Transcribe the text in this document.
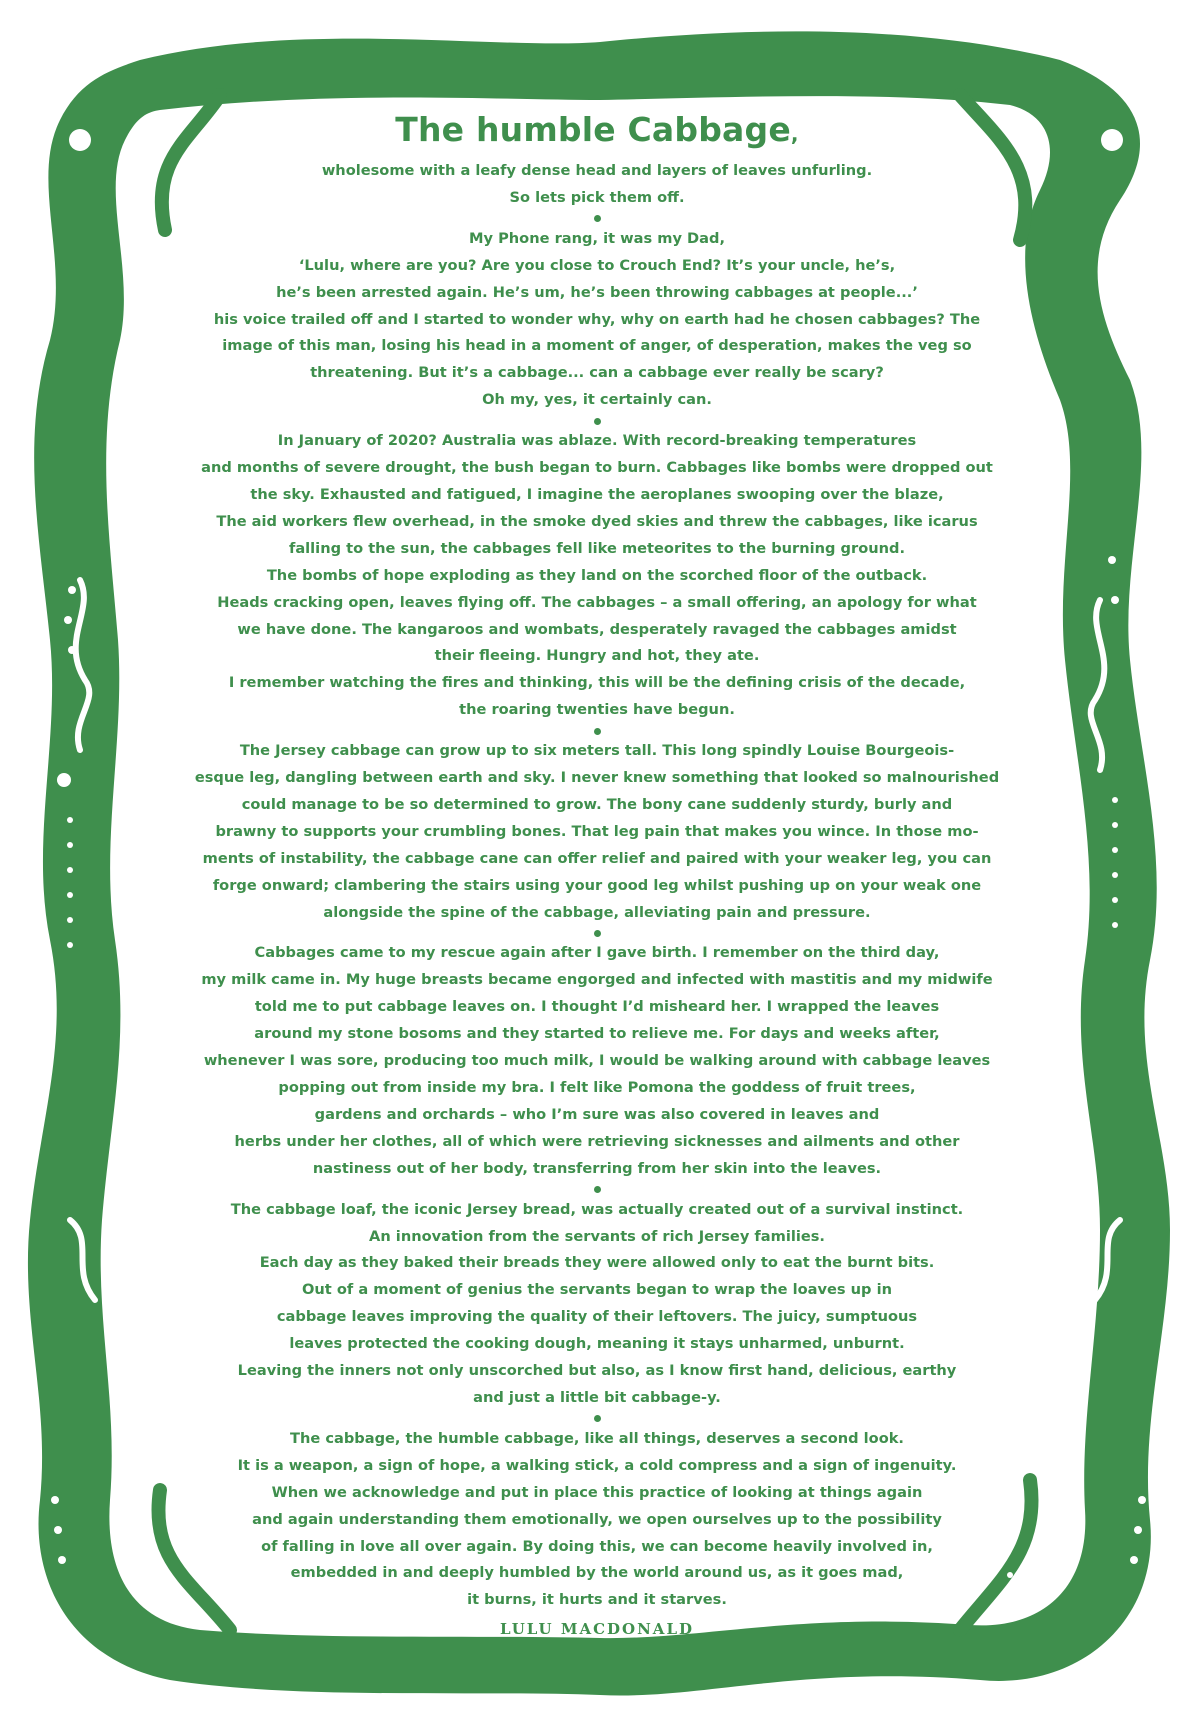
The humble Cabbage,
wholesome with a leafy dense head and layers of leaves unfurling.
So lets pick them off.
My Phone rang, it was my Dad,
‘Lulu, where are you? Are you close to Crouch End? It’s your uncle, he’s,
he’s been arrested again. He’s um, he’s been throwing cabbages at people...’
his voice trailed off and I started to wonder why, why on earth had he chosen cabbages? The
image of this man, losing his head in a moment of anger, of desperation, makes the veg so
threatening. But it’s a cabbage... can a cabbage ever really be scary?
Oh my, yes, it certainly can.
In January of 2020? Australia was ablaze. With record-breaking temperatures
and months of severe drought, the bush began to burn. Cabbages like bombs were dropped out
the sky. Exhausted and fatigued, I imagine the aeroplanes swooping over the blaze,
The aid workers flew overhead, in the smoke dyed skies and threw the cabbages, like icarus
falling to the sun, the cabbages fell like meteorites to the burning ground.
The bombs of hope exploding as they land on the scorched floor of the outback.
Heads cracking open, leaves flying off. The cabbages – a small offering, an apology for what
we have done. The kangaroos and wombats, desperately ravaged the cabbages amidst
their fleeing. Hungry and hot, they ate.
I remember watching the fires and thinking, this will be the defining crisis of the decade,
the roaring twenties have begun.
The Jersey cabbage can grow up to six meters tall. This long spindly Louise Bourgeois-
esque leg, dangling between earth and sky. I never knew something that looked so malnourished
could manage to be so determined to grow. The bony cane suddenly sturdy, burly and
brawny to supports your crumbling bones. That leg pain that makes you wince. In those mo-
ments of instability, the cabbage cane can offer relief and paired with your weaker leg, you can
forge onward; clambering the stairs using your good leg whilst pushing up on your weak one
alongside the spine of the cabbage, alleviating pain and pressure.
Cabbages came to my rescue again after I gave birth. I remember on the third day,
my milk came in. My huge breasts became engorged and infected with mastitis and my midwife
told me to put cabbage leaves on. I thought I’d misheard her. I wrapped the leaves
around my stone bosoms and they started to relieve me. For days and weeks after,
whenever I was sore, producing too much milk, I would be walking around with cabbage leaves
popping out from inside my bra. I felt like Pomona the goddess of fruit trees,
gardens and orchards – who I’m sure was also covered in leaves and
herbs under her clothes, all of which were retrieving sicknesses and ailments and other
nastiness out of her body, transferring from her skin into the leaves.
The cabbage loaf, the iconic Jersey bread, was actually created out of a survival instinct.
An innovation from the servants of rich Jersey families.
Each day as they baked their breads they were allowed only to eat the burnt bits.
Out of a moment of genius the servants began to wrap the loaves up in
cabbage leaves improving the quality of their leftovers. The juicy, sumptuous
leaves protected the cooking dough, meaning it stays unharmed, unburnt.
Leaving the inners not only unscorched but also, as I know first hand, delicious, earthy
and just a little bit cabbage-y.
The cabbage, the humble cabbage, like all things, deserves a second look.
It is a weapon, a sign of hope, a walking stick, a cold compress and a sign of ingenuity.
When we acknowledge and put in place this practice of looking at things again
and again understanding them emotionally, we open ourselves up to the possibility
of falling in love all over again. By doing this, we can become heavily involved in,
embedded in and deeply humbled by the world around us, as it goes mad,
it burns, it hurts and it starves.
LULU MACDONALD
